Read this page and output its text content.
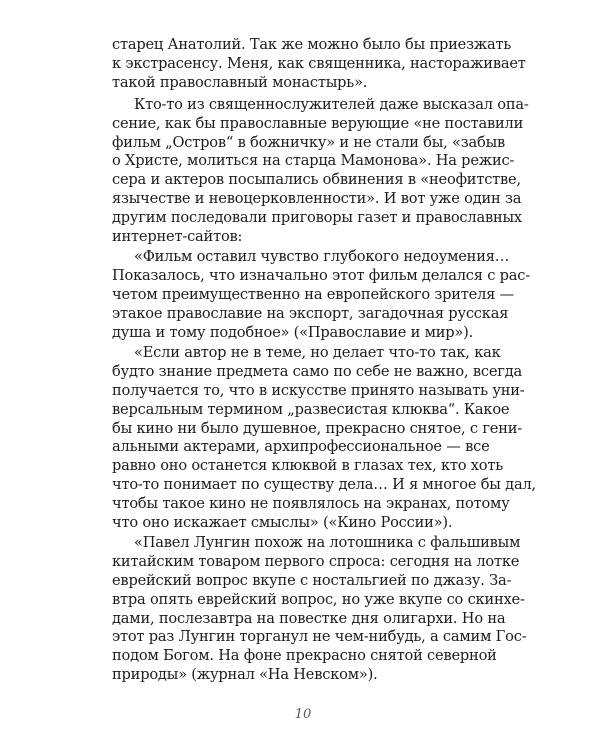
старец Анатолий. Так же можно было бы приезжать
к экстрасенсу. Меня, как священника, настораживает
такой православный монастырь».
Кто-то из священнослужителей даже высказал опа-
сение, как бы православные верующие «не поставили
фильм „Остров“ в божничку» и не стали бы, «забыв
о Христе, молиться на старца Мамонова». На режис-
сера и актеров посыпались обвинения в «неофитстве,
язычестве и невоцерковленности». И вот уже один за
другим последовали приговоры газет и православных
интернет-сайтов:
«Фильм оставил чувство глубокого недоумения…
Показалось, что изначально этот фильм делался с рас-
четом преимущественно на европейского зрителя —
этакое православие на экспорт, загадочная русская
душа и тому подобное» («Православие и мир»).
«Если автор не в теме, но делает что-то так, как
будто знание предмета само по себе не важно, всегда
получается то, что в искусстве принято называть уни-
версальным термином „развесистая клюква“. Какое
бы кино ни было душевное, прекрасно снятое, с гени-
альными актерами, архипрофессиональное — все
равно оно останется клюквой в глазах тех, кто хоть
что-то понимает по существу дела… И я многое бы дал,
чтобы такое кино не появлялось на экранах, потому
что оно искажает смыслы» («Кино России»).
«Павел Лунгин похож на лотошника с фальшивым
китайским товаром первого спроса: сегодня на лотке
еврейский вопрос вкупе с ностальгией по джазу. За-
втра опять еврейский вопрос, но уже вкупе со скинхе-
дами, послезавтра на повестке дня олигархи. Но на
этот раз Лунгин торганул не чем-нибудь, а самим Гос-
подом Богом. На фоне прекрасно снятой северной
природы» (журнал «На Невском»).
10
